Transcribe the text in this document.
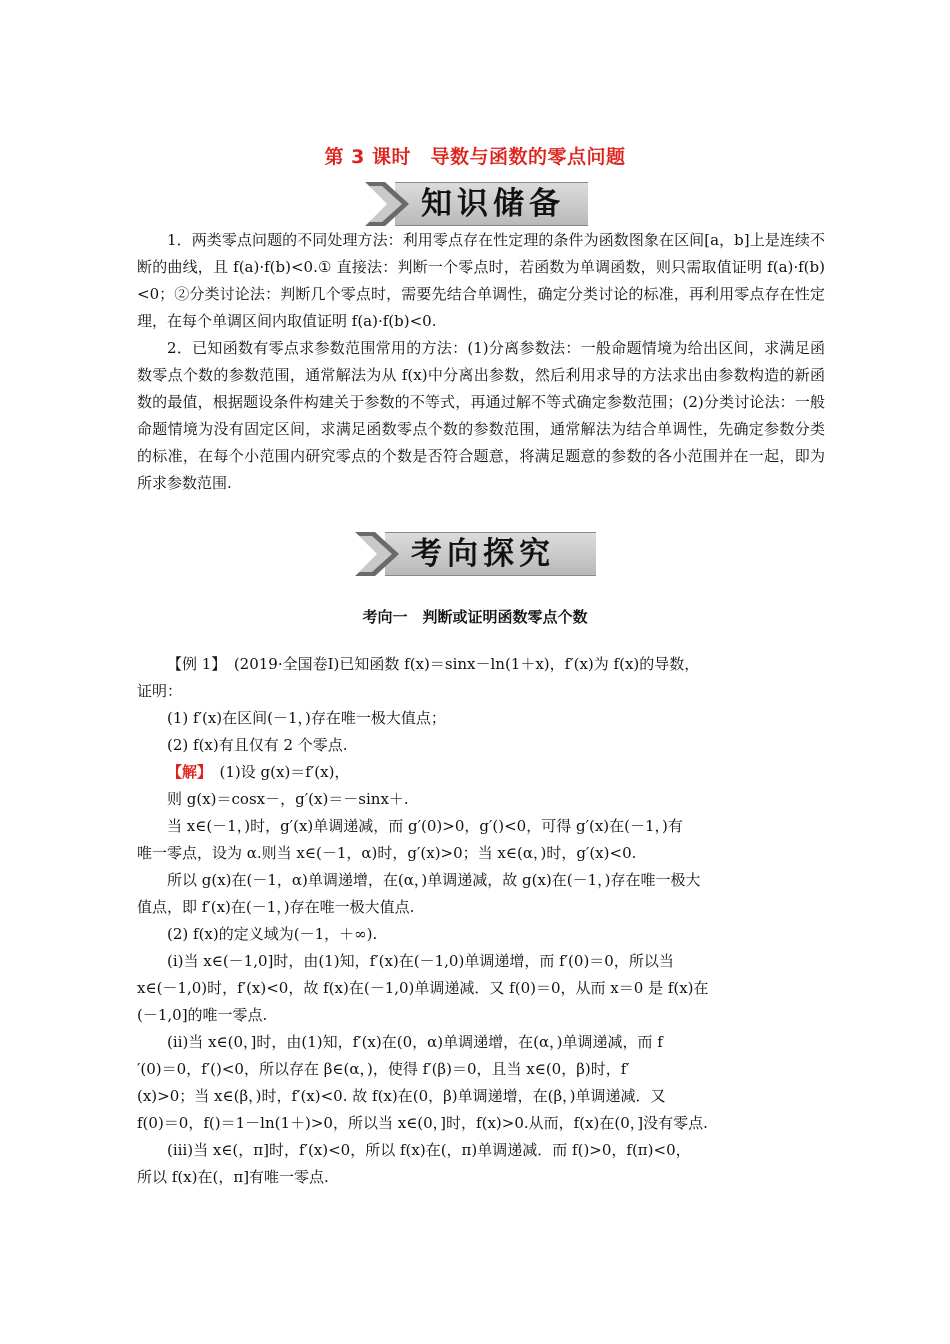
第 3 课时　导数与函数的零点问题
知识储备

1．两类零点问题的不同处理方法：利用零点存在性定理的条件为函数图象在区间[a，b]上是连续不断的曲线，且 f(a)·f(b)<0.① 直接法：判断一个零点时，若函数为单调函数，则只需取值证明 f(a)·f(b)<0；②分类讨论法：判断几个零点时，需要先结合单调性，确定分类讨论的标准，再利用零点存在性定理，在每个单调区间内取值证明 f(a)·f(b)<0.

2．已知函数有零点求参数范围常用的方法：(1)分离参数法：一般命题情境为给出区间，求满足函数零点个数的参数范围，通常解法为从 f(x)中分离出参数，然后利用求导的方法求出由参数构造的新函数的最值，根据题设条件构建关于参数的不等式，再通过解不等式确定参数范围；(2)分类讨论法：一般命题情境为没有固定区间，求满足函数零点个数的参数范围，通常解法为结合单调性，先确定参数分类的标准，在每个小范围内研究零点的个数是否符合题意，将满足题意的参数的各小范围并在一起，即为所求参数范围.

考向探究
考向一　判断或证明函数零点个数

【例 1】　(2019·全国卷Ⅰ)已知函数 f(x)＝sinx－ln(1＋x)，f′(x)为 f(x)的导数，

证明：

(1) f′(x)在区间(－1，)存在唯一极大值点；

(2) f(x)有且仅有 2 个零点.

【解】　(1)设 g(x)＝f′(x)，

则 g(x)＝cosx－，g′(x)＝－sinx＋.

当 x∈(－1，)时，g′(x)单调递减，而 g′(0)>0，g′()<0，可得 g′(x)在(－1，)有

唯一零点，设为 α.则当 x∈(－1，α)时，g′(x)>0；当 x∈(α，)时，g′(x)<0.

所以 g(x)在(－1，α)单调递增，在(α，)单调递减，故 g(x)在(－1，)存在唯一极大

值点，即 f′(x)在(－1，)存在唯一极大值点.

(2) f(x)的定义域为(－1，＋∞).

(ⅰ)当 x∈(－1,0]时，由(1)知，f′(x)在(－1,0)单调递增，而 f′(0)＝0，所以当

x∈(－1,0)时，f′(x)<0，故 f(x)在(－1,0)单调递减．又 f(0)＝0，从而 x＝0 是 f(x)在

(－1,0]的唯一零点.

(ⅱ)当 x∈(0，]时，由(1)知，f′(x)在(0，α)单调递增，在(α，)单调递减，而 f

′(0)＝0，f′()<0，所以存在 β∈(α，)，使得 f′(β)＝0，且当 x∈(0，β)时，f′

(x)>0；当 x∈(β，)时，f′(x)<0. 故 f(x)在(0，β)单调递增，在(β，)单调递减．又

f(0)＝0，f()＝1－ln(1＋)>0，所以当 x∈(0，]时，f(x)>0.从而，f(x)在(0，]没有零点.

(ⅲ)当 x∈(，π]时，f′(x)<0，所以 f(x)在(，π)单调递减．而 f()>0，f(π)<0，

所以 f(x)在(，π]有唯一零点.
